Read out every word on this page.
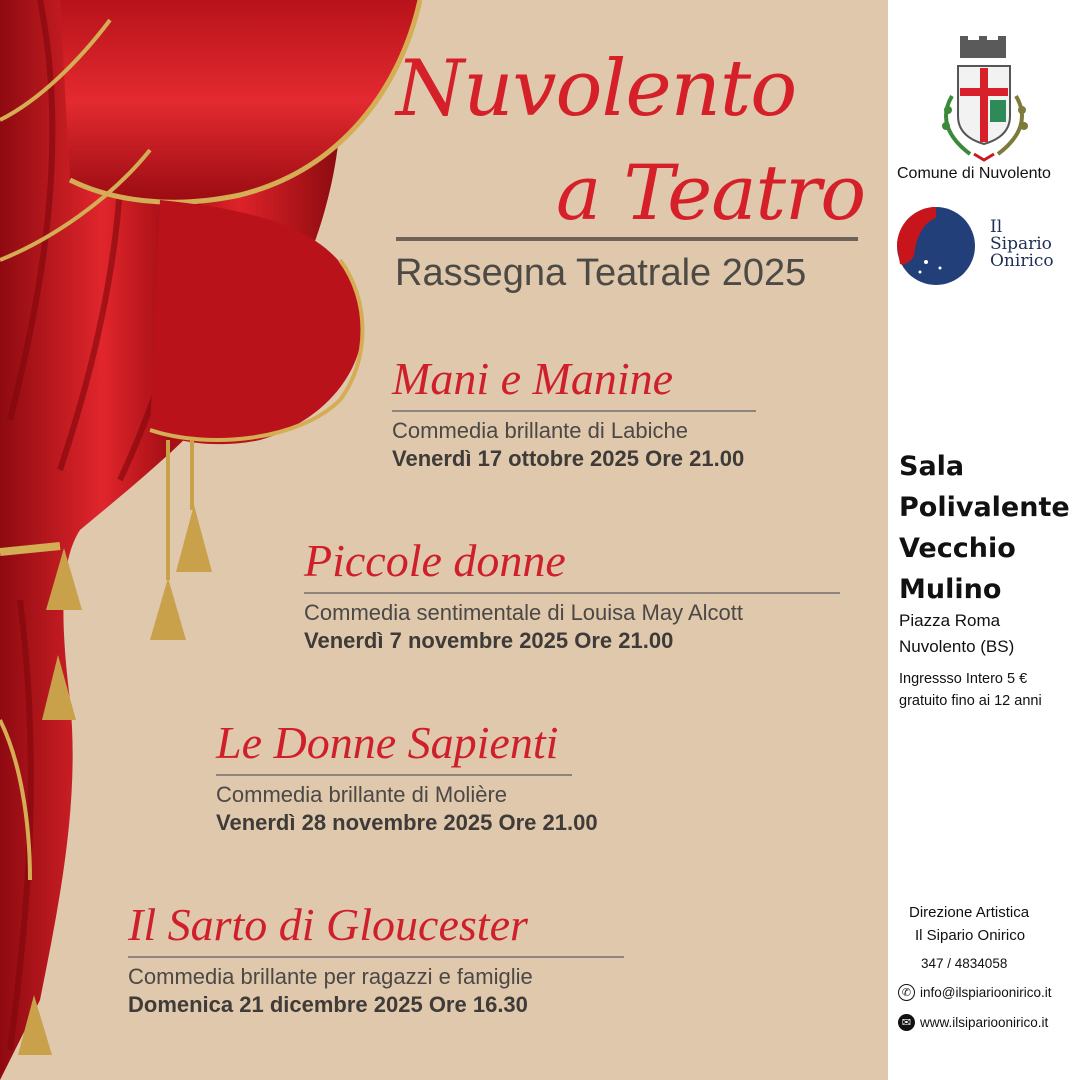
Nuvolento
a Teatro
Rassegna Teatrale 2025
Mani e Manine
Commedia brillante di Labiche
Venerdì 17 ottobre 2025 Ore 21.00
Piccole donne
Commedia sentimentale di Louisa May Alcott
Venerdì 7 novembre 2025 Ore 21.00
Le Donne Sapienti
Commedia brillante di Molière
Venerdì 28 novembre 2025 Ore 21.00
Il Sarto di Gloucester
Commedia brillante per ragazzi e famiglie
Domenica 21 dicembre 2025 Ore 16.30
Comune di Nuvolento
Il
Sipario
Onirico
Sala
Polivalente
Vecchio
Mulino
Piazza Roma
Nuvolento (BS)
Ingressso Intero 5 €
gratuito fino ai 12 anni
Direzione Artistica
Il Sipario Onirico
347 / 4834058
✆ info@ilspiarioonirico.it
✉ www.ilsiparioonirico.it
